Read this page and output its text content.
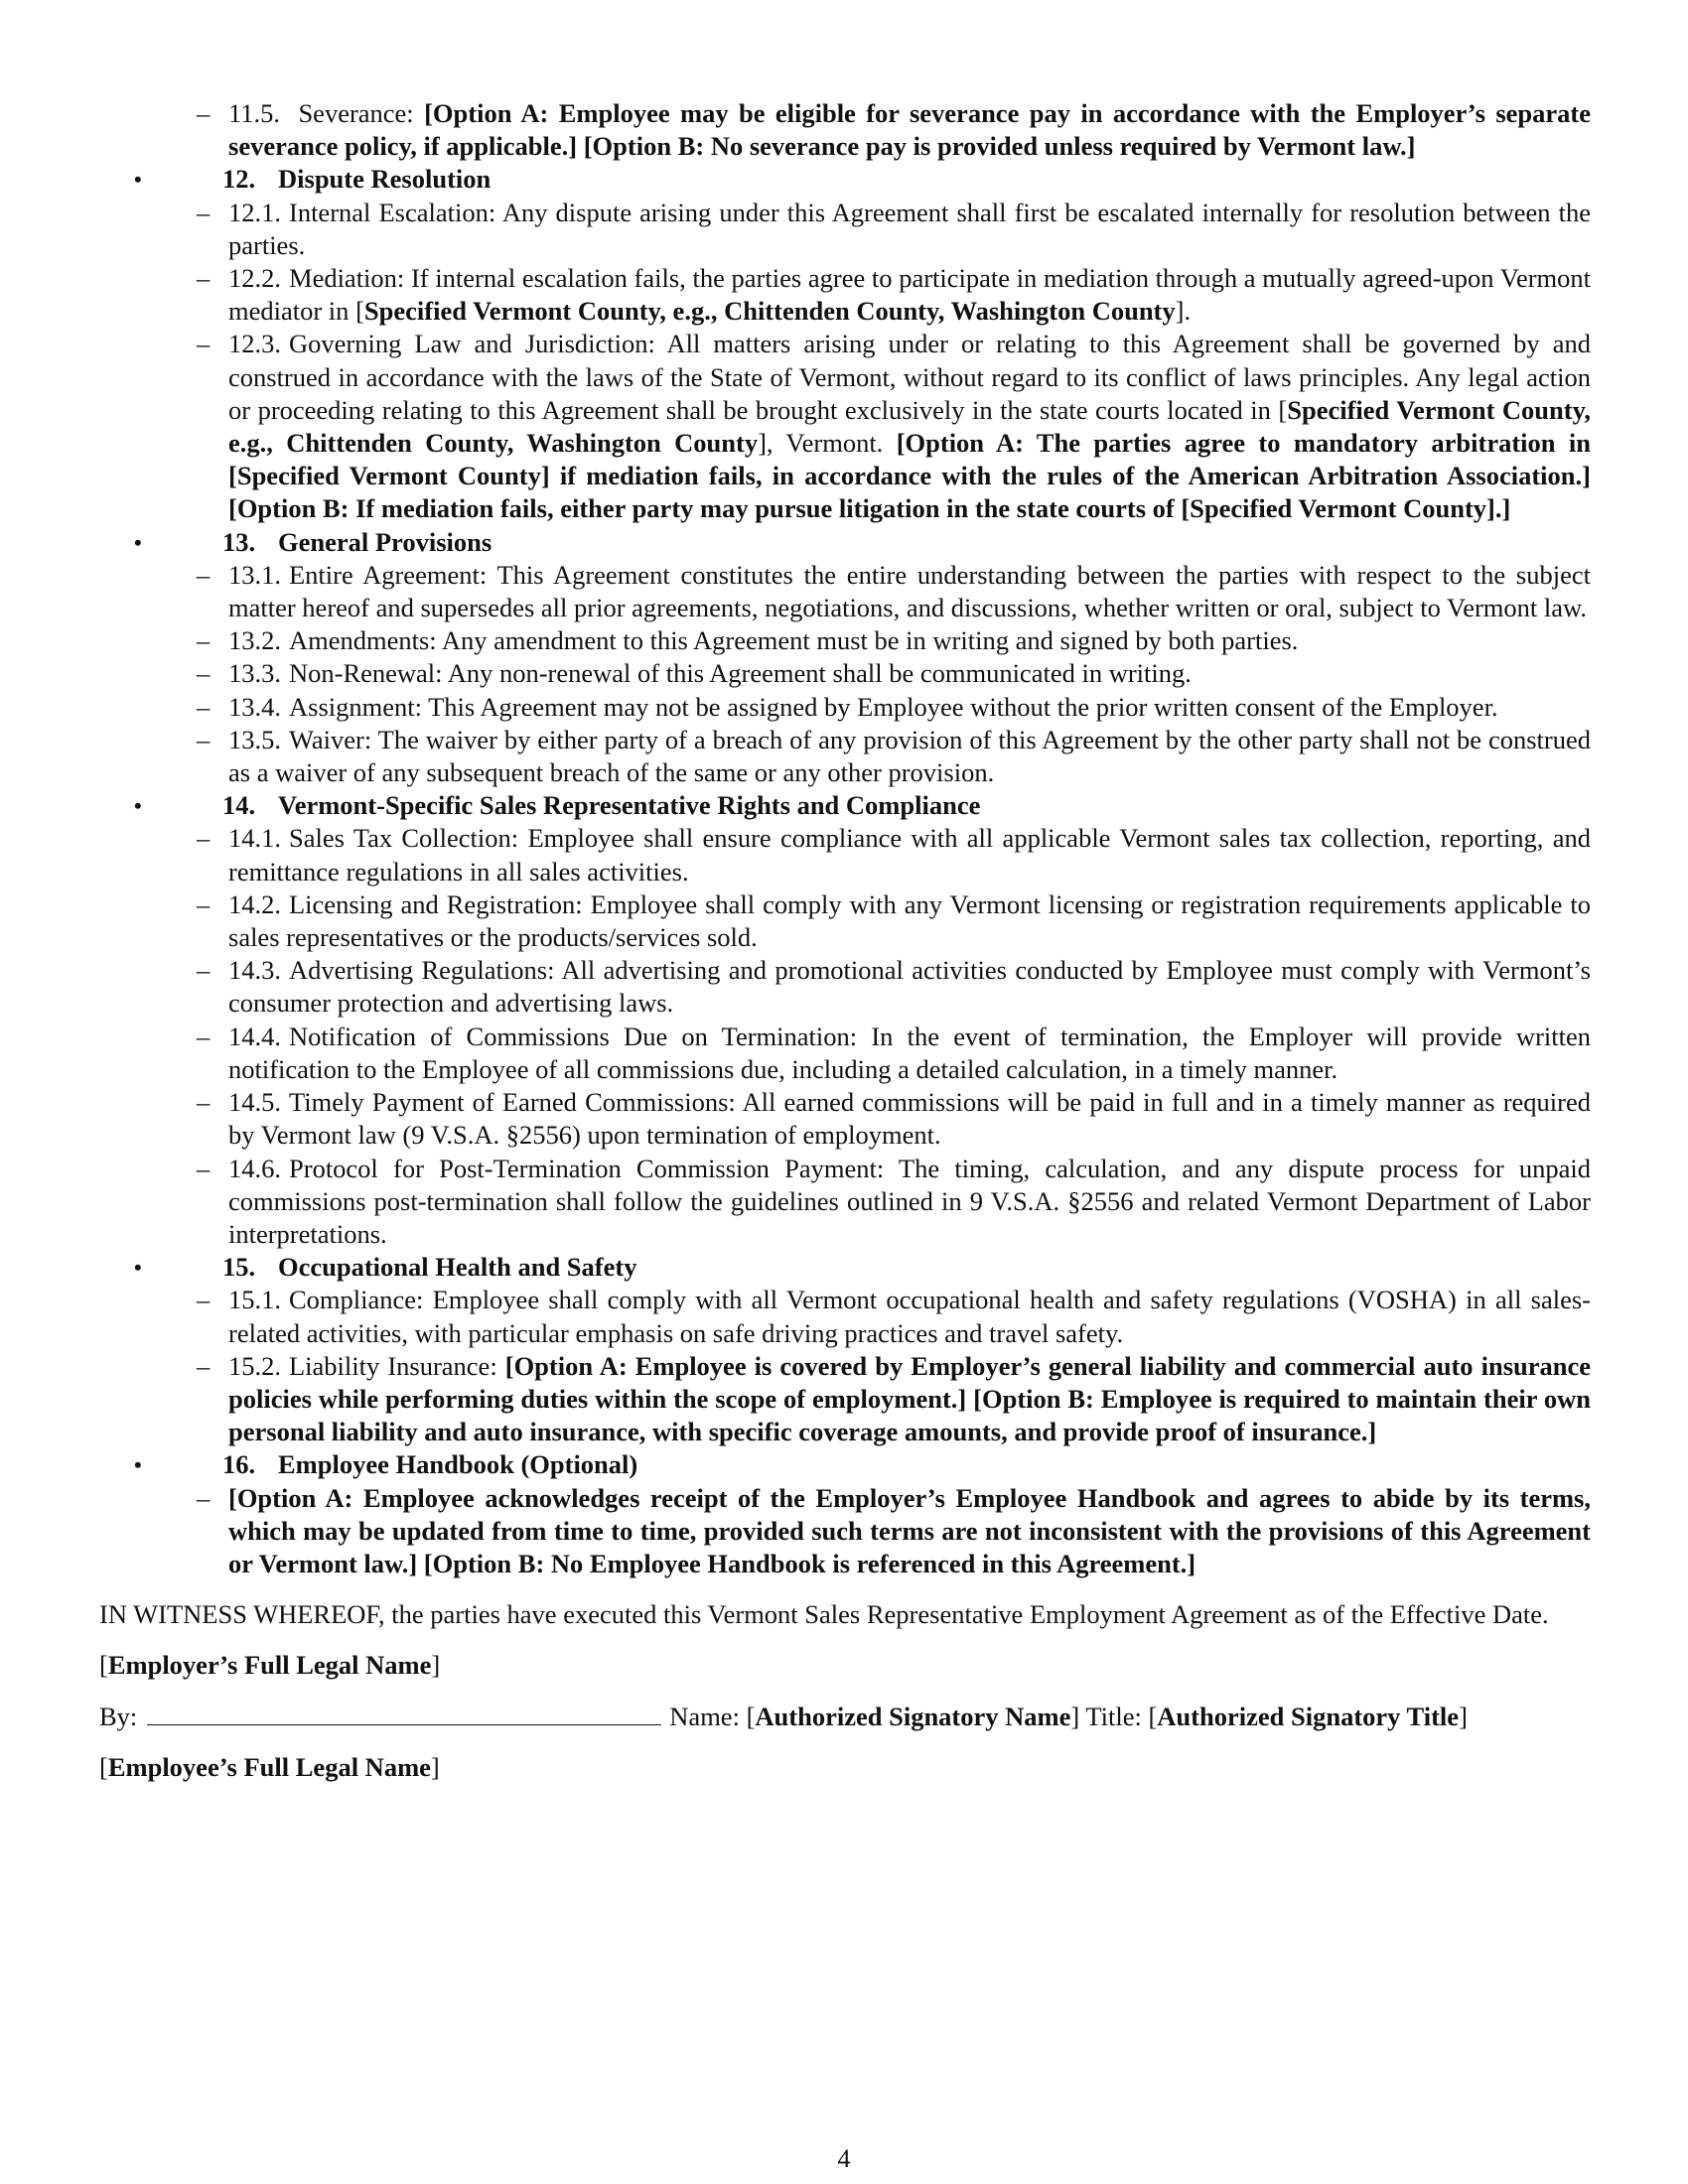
– 11.5. Severance: [Option A: Employee may be eligible for severance pay in accordance with the Employer’s separate severance policy, if applicable.] [Option B: No severance pay is provided unless required by Vermont law.]
•	12. Dispute Resolution
– 12.1. Internal Escalation: Any dispute arising under this Agreement shall first be escalated internally for resolution between the parties.
– 12.2. Mediation: If internal escalation fails, the parties agree to participate in mediation through a mutually agreed-upon Vermont mediator in [Specified Vermont County, e.g., Chittenden County, Washington County].
– 12.3. Governing Law and Jurisdiction: All matters arising under or relating to this Agreement shall be governed by and construed in accordance with the laws of the State of Vermont, without regard to its conflict of laws principles. Any legal action or proceeding relating to this Agreement shall be brought exclusively in the state courts located in [Specified Vermont County, e.g., Chittenden County, Washington County], Vermont. [Option A: The parties agree to mandatory arbitration in [Specified Vermont County] if mediation fails, in accordance with the rules of the American Arbitration Association.] [Option B: If mediation fails, either party may pursue litigation in the state courts of [Specified Vermont County].]
•	13. General Provisions
– 13.1. Entire Agreement: This Agreement constitutes the entire understanding between the parties with respect to the subject matter hereof and supersedes all prior agreements, negotiations, and discussions, whether written or oral, subject to Vermont law.
– 13.2. Amendments: Any amendment to this Agreement must be in writing and signed by both parties.
– 13.3. Non-Renewal: Any non-renewal of this Agreement shall be communicated in writing.
– 13.4. Assignment: This Agreement may not be assigned by Employee without the prior written consent of the Employer.
– 13.5. Waiver: The waiver by either party of a breach of any provision of this Agreement by the other party shall not be construed as a waiver of any subsequent breach of the same or any other provision.
•	14. Vermont-Specific Sales Representative Rights and Compliance
– 14.1. Sales Tax Collection: Employee shall ensure compliance with all applicable Vermont sales tax collection, reporting, and remittance regulations in all sales activities.
– 14.2. Licensing and Registration: Employee shall comply with any Vermont licensing or registration requirements applicable to sales representatives or the products/services sold.
– 14.3. Advertising Regulations: All advertising and promotional activities conducted by Employee must comply with Vermont’s consumer protection and advertising laws.
– 14.4. Notification of Commissions Due on Termination: In the event of termination, the Employer will provide written notification to the Employee of all commissions due, including a detailed calculation, in a timely manner.
– 14.5. Timely Payment of Earned Commissions: All earned commissions will be paid in full and in a timely manner as required by Vermont law (9 V.S.A. §2556) upon termination of employment.
– 14.6. Protocol for Post-Termination Commission Payment: The timing, calculation, and any dispute process for unpaid commissions post-termination shall follow the guidelines outlined in 9 V.S.A. §2556 and related Vermont Department of Labor interpretations.
•	15. Occupational Health and Safety
– 15.1. Compliance: Employee shall comply with all Vermont occupational health and safety regulations (VOSHA) in all sales-related activities, with particular emphasis on safe driving practices and travel safety.
– 15.2. Liability Insurance: [Option A: Employee is covered by Employer’s general liability and commercial auto insurance policies while performing duties within the scope of employment.] [Option B: Employee is required to maintain their own personal liability and auto insurance, with specific coverage amounts, and provide proof of insurance.]
•	16. Employee Handbook (Optional)
– [Option A: Employee acknowledges receipt of the Employer’s Employee Handbook and agrees to abide by its terms, which may be updated from time to time, provided such terms are not inconsistent with the provisions of this Agreement or Vermont law.] [Option B: No Employee Handbook is referenced in this Agreement.]
IN WITNESS WHEREOF, the parties have executed this Vermont Sales Representative Employment Agreement as of the Effective Date.
[Employer’s Full Legal Name]
By:	Name: [Authorized Signatory Name] Title: [Authorized Signatory Title]
[Employee’s Full Legal Name]
4
